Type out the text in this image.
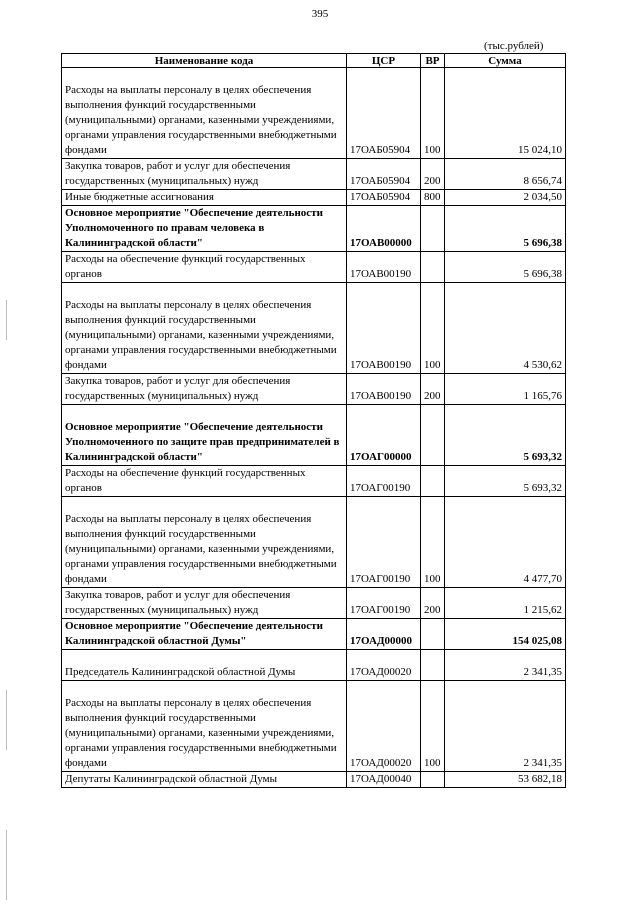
395
(тыс.рублей)
Наименование кода	ЦСР	ВР	Сумма

Расходы на выплаты персоналу в целях обеспечения выполнения функций государственными (муниципальными) органами, казенными учреждениями, органами управления государственными внебюджетными фондами	17ОАБ05904	100	15 024,10
Закупка товаров, работ и услуг для обеспечения государственных (муниципальных) нужд	17ОАБ05904	200	8 656,74
Иные бюджетные ассигнования	17ОАБ05904	800	2 034,50
Основное мероприятие "Обеспечение деятельности Уполномоченного по правам человека в Калининградской области"	17ОАВ00000		5 696,38
Расходы на обеспечение функций государственных органов	17ОАВ00190		5 696,38

Расходы на выплаты персоналу в целях обеспечения выполнения функций государственными (муниципальными) органами, казенными учреждениями, органами управления государственными внебюджетными фондами	17ОАВ00190	100	4 530,62
Закупка товаров, работ и услуг для обеспечения государственных (муниципальных) нужд	17ОАВ00190	200	1 165,76

Основное мероприятие "Обеспечение деятельности Уполномоченного по защите прав предпринимателей в Калининградской области"	17ОАГ00000		5 693,32
Расходы на обеспечение функций государственных органов	17ОАГ00190		5 693,32

Расходы на выплаты персоналу в целях обеспечения выполнения функций государственными (муниципальными) органами, казенными учреждениями, органами управления государственными внебюджетными фондами	17ОАГ00190	100	4 477,70
Закупка товаров, работ и услуг для обеспечения государственных (муниципальных) нужд	17ОАГ00190	200	1 215,62
Основное мероприятие "Обеспечение деятельности Калининградской областной Думы"	17ОАД00000		154 025,08

Председатель Калининградской областной Думы	17ОАД00020		2 341,35

Расходы на выплаты персоналу в целях обеспечения выполнения функций государственными (муниципальными) органами, казенными учреждениями, органами управления государственными внебюджетными фондами	17ОАД00020	100	2 341,35
Депутаты Калининградской областной Думы	17ОАД00040		53 682,18
